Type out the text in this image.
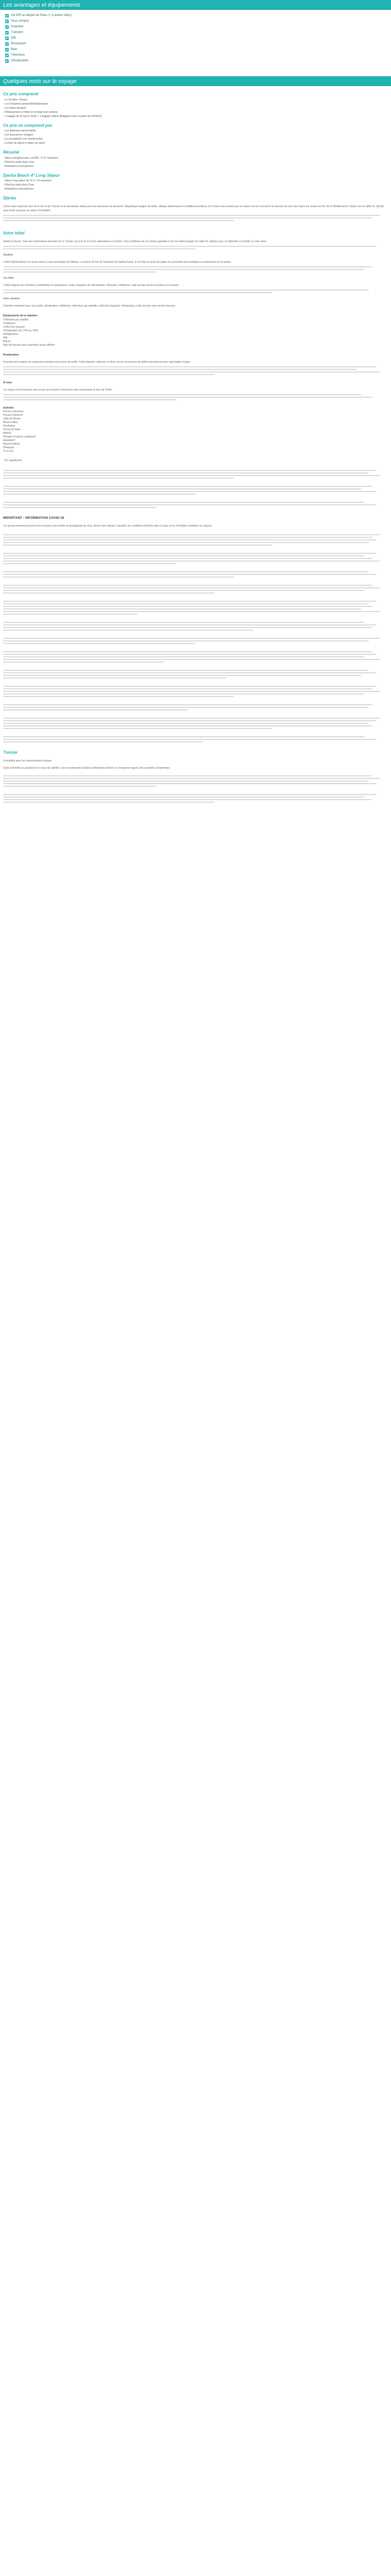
Les avantages et équipements
Vol A/R au départ de Paris (+ d autres villes)
Tous compris
Chambre
Transfert
Wifi
Restaurant
Bain
Télévision
Climatisation
Quelques mots sur le voyage
Ce prix comprend

- Le Vol aller / Retour

- Les Transferts aéroport/hôtel/aéroport

- Les taxes aéroport

- Hébergement à l'hôtel en formule tout compris

- 1 bagage de 23 kg en soute + 1 bagage cabine (Bagages inclus à partir du 01/05/23)

Ce prix ne comprend pas

- Les dépenses personnelles

- Les assurances voyages

- Les prestations non mentionnées

- La taxe de séjour à régler sur place

Résumé

- Séjour aérogrisé avec vol A/R : 8 J/7 semaines

- Hôtel les pieds dans l'eau

- Animations francophones

Djerba Beach 4* Long Séjour

- Séjour long séjour de 15 J / 14 semaines

- Hôtel les pieds dans l'eau

- Animations francophones

Djerba

Lâche votre esprit du vent de la mer et de Tunisie où la destination idéale pour les amoureux de farniente. Magnifiques plages de sable, villages pittoresques et traditions berbères, la Tunisie vous séduira par la chaleur de son accueil et la douceur de vivre qui règne sur toutes les îles de la Méditerranée. Soleil, mer et sable fin, Djerba vous invite à passer un séjour inoubliable.

Votre hôtel

Djerba la douce, l'une des destinations favorites de la Tunisie, est une île à la fois authentique et colorée. Vous profiterez de son climat agréable et de ses belles plages de sable fin, idéales pour se détendre en famille ou entre amis.

Situation

L'hôtel Djerba Beach se trouve dans la zone touristique de Midoun, à environ 25 km de l'aéroport de Djerba-Zarzis. Il est situé en bord de plage et à proximité des boutiques et restaurants de la station.

Vos hôtel

L'hôtel dispose de chambres confortables et spacieuses, toutes équipées de climatisation, télévision, téléphone, salle de bain privée et balcon ou terrasse.

Votre chambre

Chambre standard avec vue jardin, climatisation, téléphone, télévision par satellite, coffre-fort (payant), réfrigérateur, salle de bain avec sèche-cheveux.

Équipements de la chambre

Télévision par satellite

Téléphone

Coffre-fort (payant)

Climatisation (du 15/6 au 15/9)

Réfrigérateur

Wifi

Balcon

Bain de bouche avec bouteilles d'eau offertes

Restauration

Formule tout compris au restaurant principal sous forme de buffet. Petit-déjeuner, déjeuner et dîner servis sous forme de buffet international avec spécialités locales.

À noter

Les repas et les boissons sont servis aux horaires d'ouverture des restaurants et bars de l'hôtel.

Activités

Piscine extérieure

Piscine intérieure

Salle de fitness

Beach-volley

Fléchettes

Tennis de table

Billard*

Plongée et sports nautiques*

Équitation*

Beach football

Pétanque

Tir à l'arc

* En supplément

IMPORTANT : INFORMATION COVID-19

Les gouvernements prennent des mesures pour limiter la propagation du virus. Avant votre départ, consultez les conditions d'entrée dans le pays et les formalités sanitaires en vigueur.

Tunisie

Formalités pour les ressortissants français :

Carte d'identité ou passeport en cours de validité. Les ressortissants d'autres nationalités doivent se renseigner auprès des autorités compétentes.
